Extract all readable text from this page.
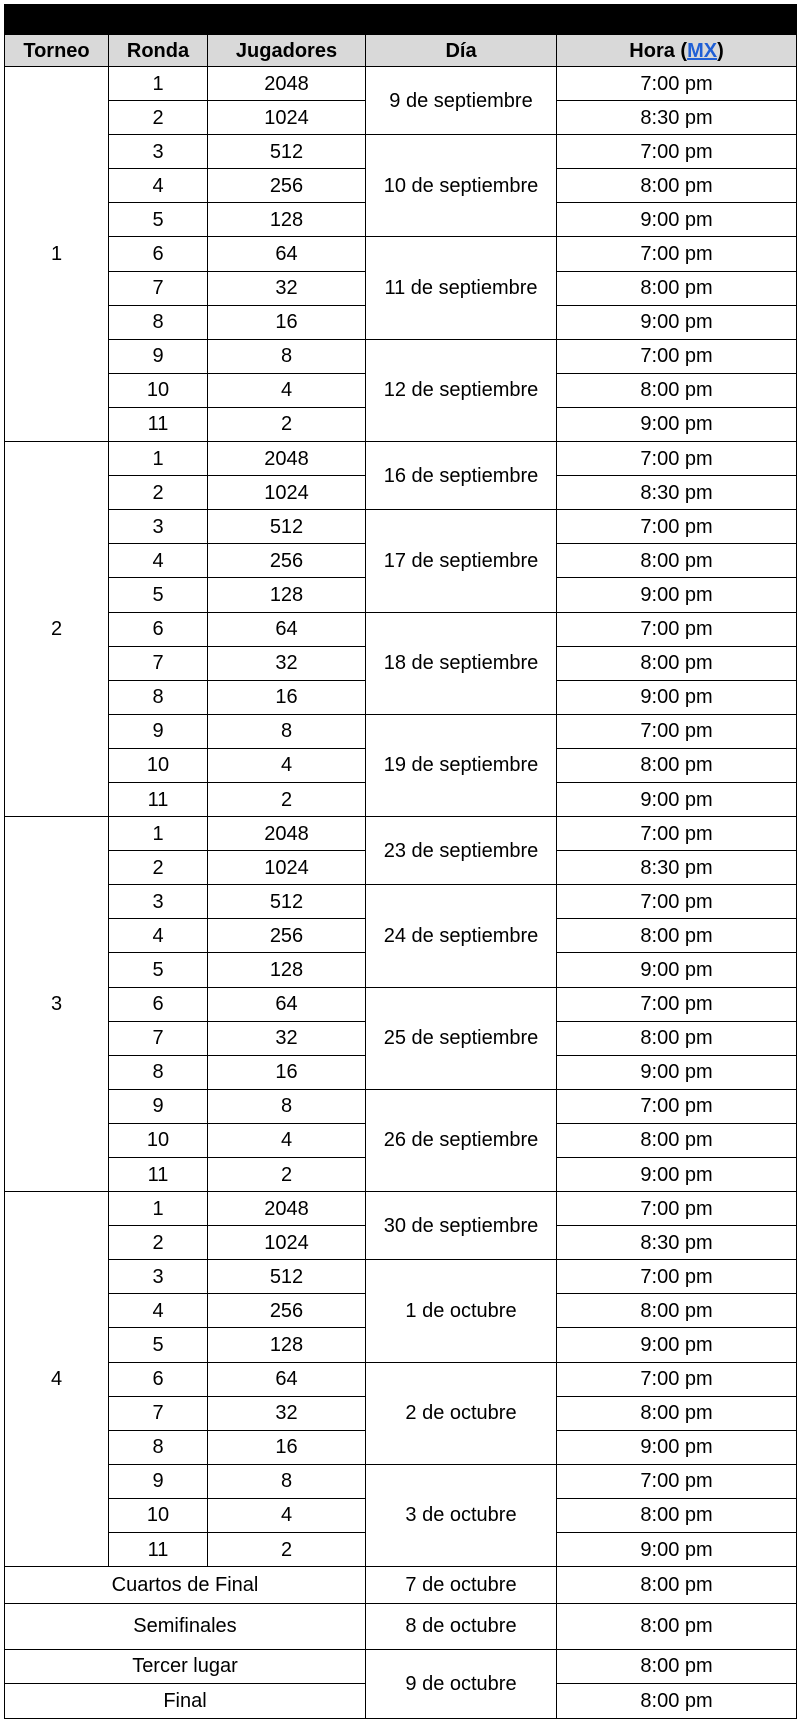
Torneo	Ronda	Jugadores	Día	Hora (MX)
1	1	2048	9 de septiembre	7:00 pm
	2	1024		8:30 pm
	3	512	10 de septiembre	7:00 pm
	4	256		8:00 pm
	5	128		9:00 pm
	6	64	11 de septiembre	7:00 pm
	7	32		8:00 pm
	8	16		9:00 pm
	9	8	12 de septiembre	7:00 pm
	10	4		8:00 pm
	11	2		9:00 pm
2	1	2048	16 de septiembre	7:00 pm
	2	1024		8:30 pm
	3	512	17 de septiembre	7:00 pm
	4	256		8:00 pm
	5	128		9:00 pm
	6	64	18 de septiembre	7:00 pm
	7	32		8:00 pm
	8	16		9:00 pm
	9	8	19 de septiembre	7:00 pm
	10	4		8:00 pm
	11	2		9:00 pm
3	1	2048	23 de septiembre	7:00 pm
	2	1024		8:30 pm
	3	512	24 de septiembre	7:00 pm
	4	256		8:00 pm
	5	128		9:00 pm
	6	64	25 de septiembre	7:00 pm
	7	32		8:00 pm
	8	16		9:00 pm
	9	8	26 de septiembre	7:00 pm
	10	4		8:00 pm
	11	2		9:00 pm
4	1	2048	30 de septiembre	7:00 pm
	2	1024		8:30 pm
	3	512	1 de octubre	7:00 pm
	4	256		8:00 pm
	5	128		9:00 pm
	6	64	2 de octubre	7:00 pm
	7	32		8:00 pm
	8	16		9:00 pm
	9	8	3 de octubre	7:00 pm
	10	4		8:00 pm
	11	2		9:00 pm
Cuartos de Final			7 de octubre	8:00 pm
Semifinales			8 de octubre	8:00 pm
Tercer lugar			9 de octubre	8:00 pm
Final				8:00 pm
